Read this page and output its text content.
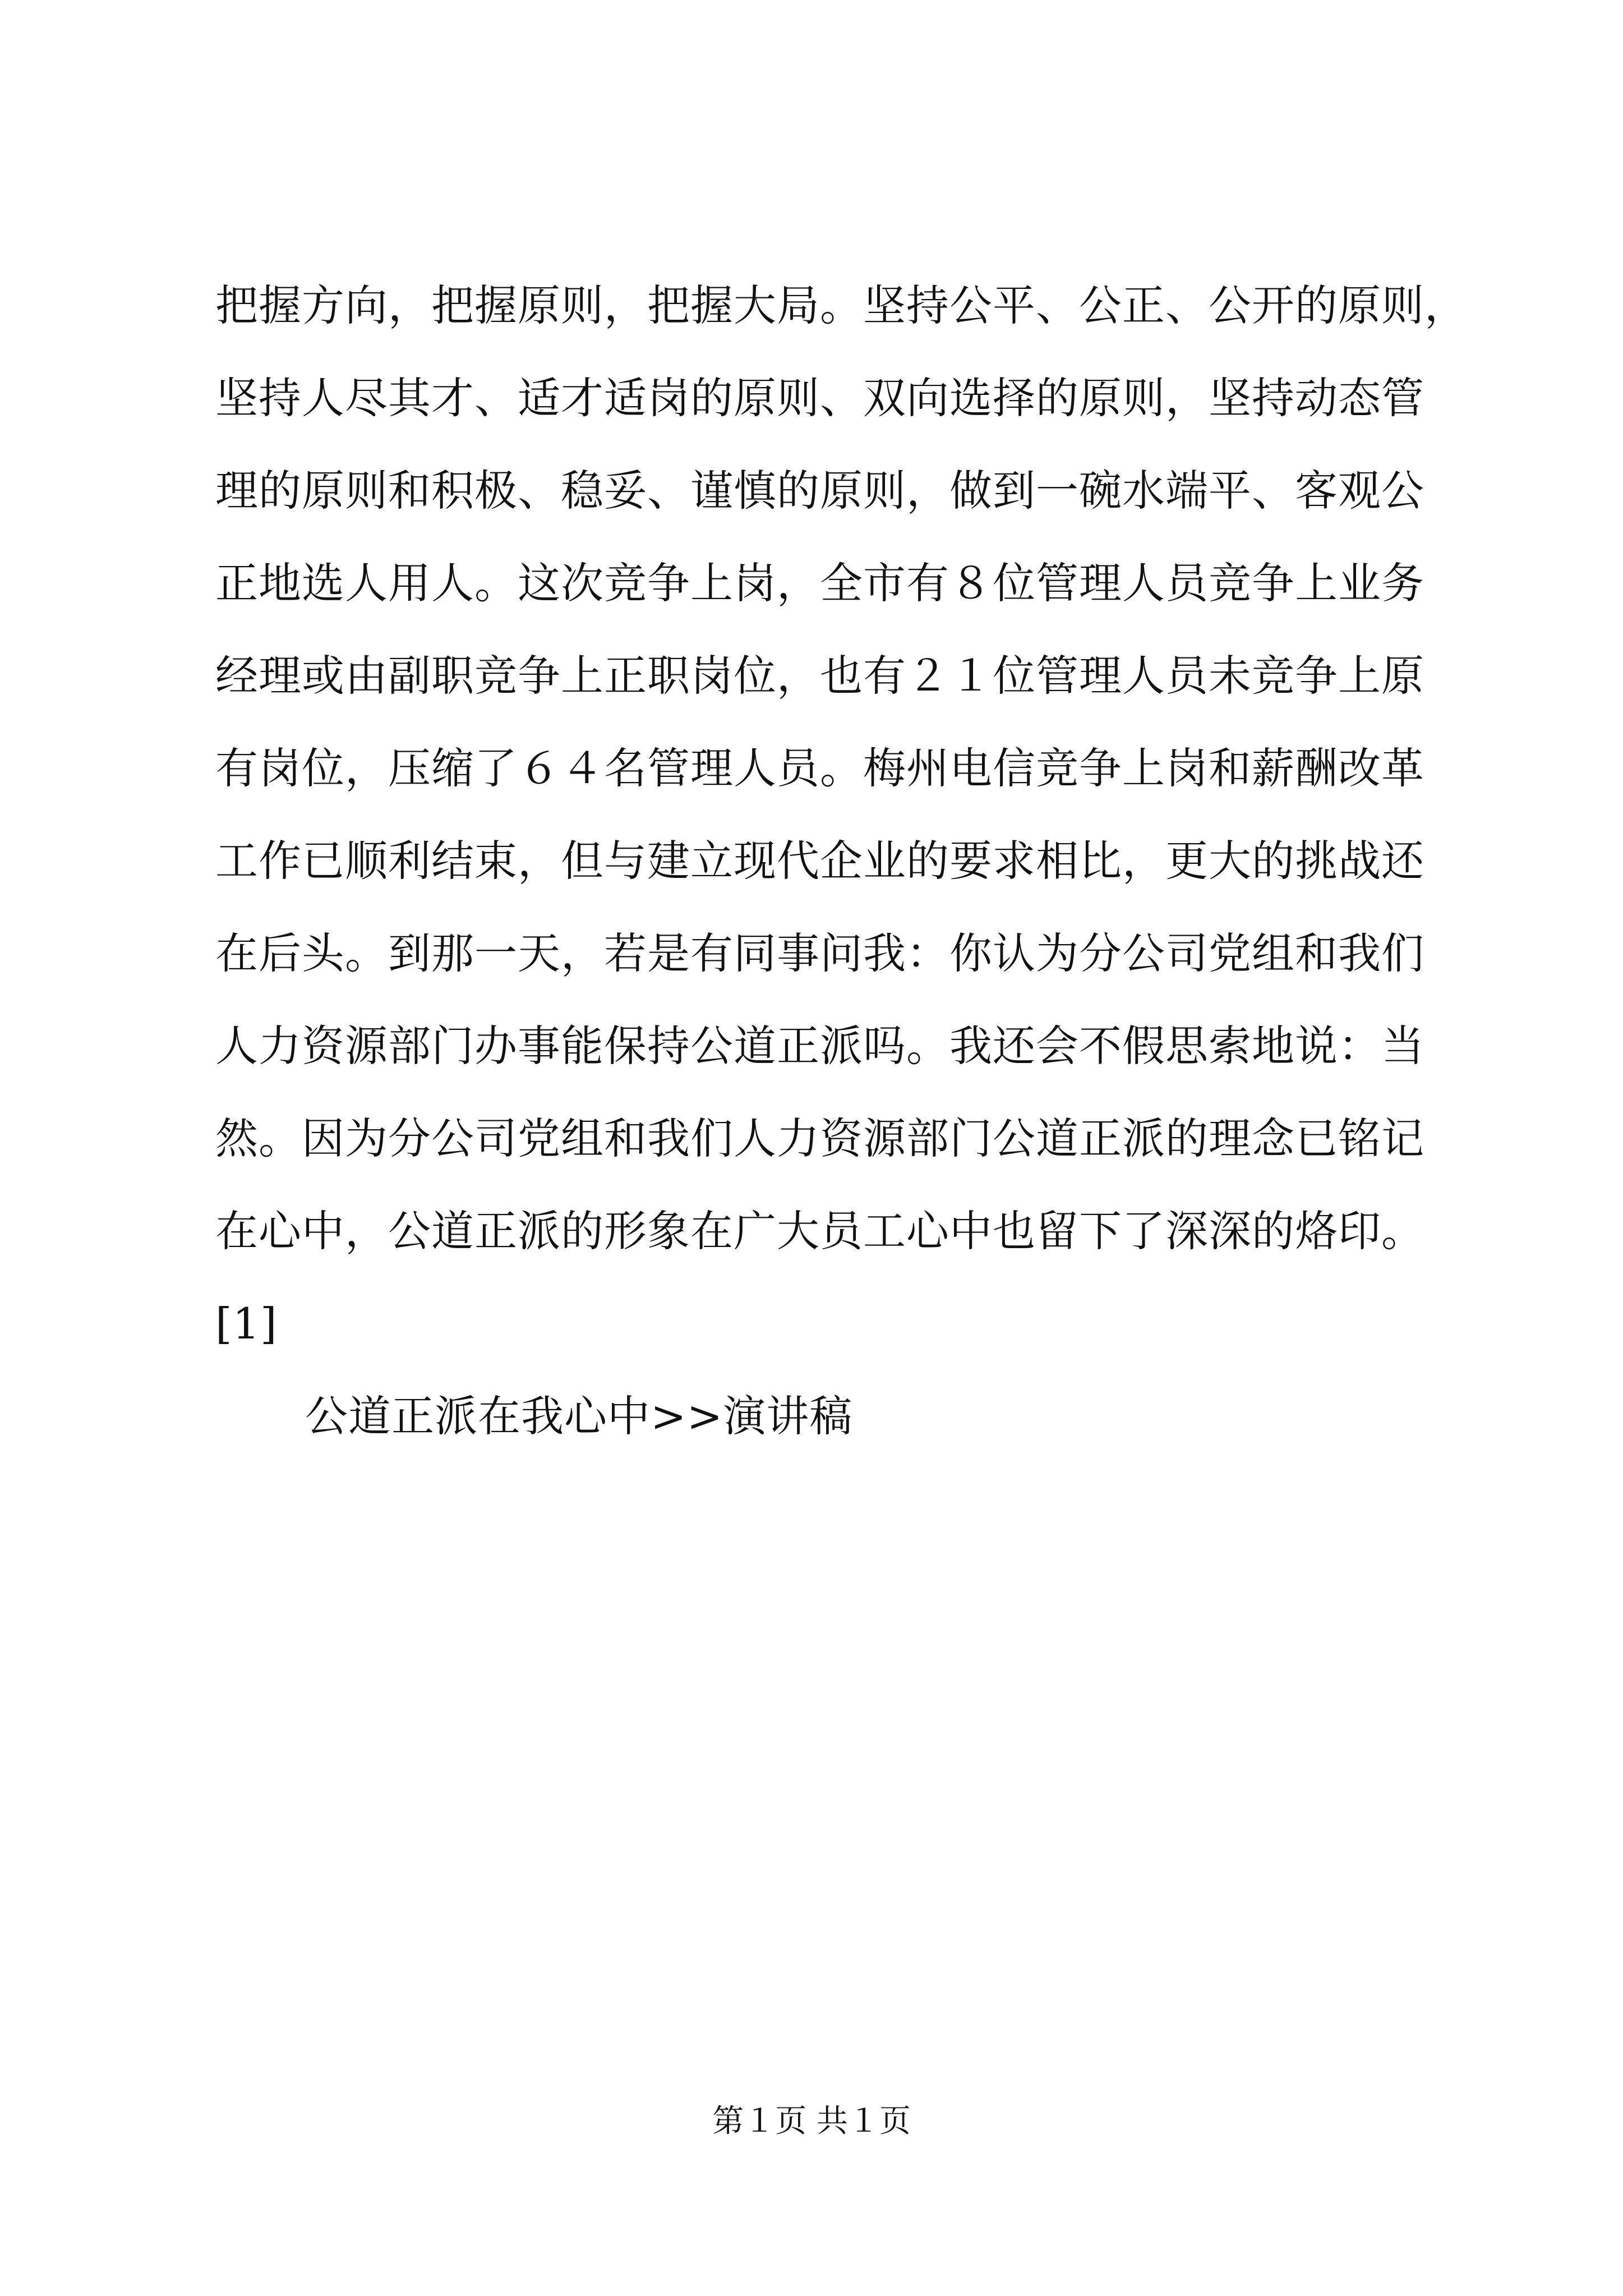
把握方向，把握原则，把握大局。坚持公平、公正、公开的原则，
坚持人尽其才、适才适岗的原则、双向选择的原则，坚持动态管
理的原则和积极、稳妥、谨慎的原则，做到一碗水端平、客观公
正地选人用人。这次竞争上岗，全市有８位管理人员竞争上业务
经理或由副职竞争上正职岗位，也有２１位管理人员未竞争上原
有岗位，压缩了６４名管理人员。梅州电信竞争上岗和薪酬改革
工作已顺利结束，但与建立现代企业的要求相比，更大的挑战还
在后头。到那一天，若是有同事问我：你认为分公司党组和我们
人力资源部门办事能保持公道正派吗。我还会不假思索地说：当
然。因为分公司党组和我们人力资源部门公道正派的理念已铭记
在心中，公道正派的形象在广大员工心中也留下了深深的烙印。
[1]
公道正派在我心中>>演讲稿
第１页 共１页
